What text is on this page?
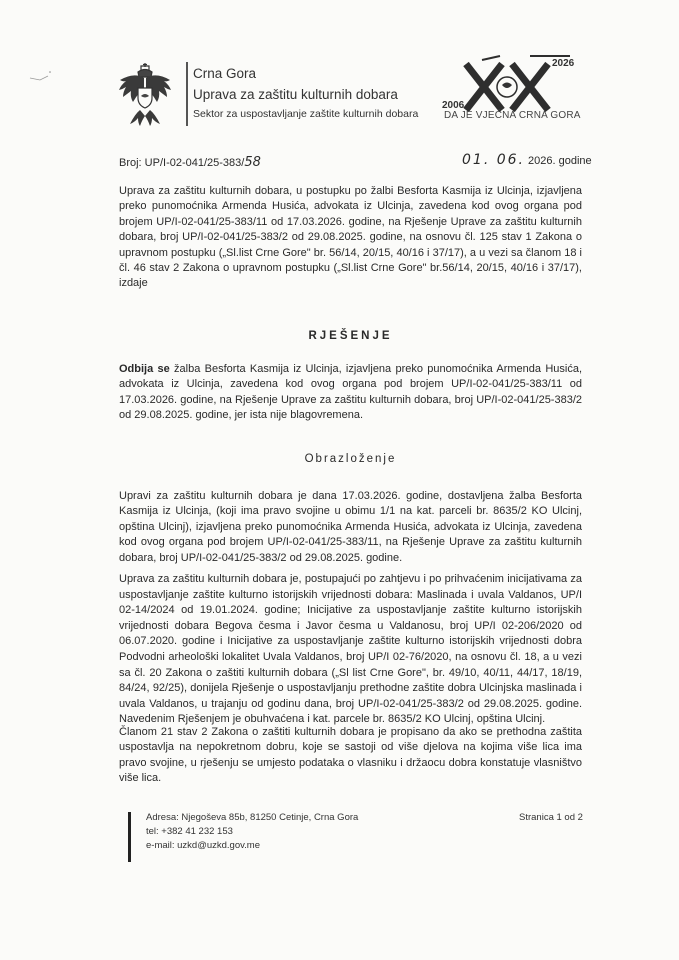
Crna Gora
Uprava za zaštitu kulturnih dobara
Sektor za uspostavljanje zaštite kulturnih dobara
2026
2006
DA JE VJEČNA CRNA GORA
Broj: UP/I-02-041/25-383/58	01. 06. 2026. godine

Uprava za zaštitu kulturnih dobara, u postupku po žalbi Besforta Kasmija iz Ulcinja, izjavljena preko punomoćnika Armenda Husića, advokata iz Ulcinja, zavedena kod ovog organa pod brojem UP/I-02-041/25-383/11 od 17.03.2026. godine, na Rješenje Uprave za zaštitu kulturnih dobara, broj UP/I-02-041/25-383/2 od 29.08.2025. godine, na osnovu čl. 125 stav 1 Zakona o upravnom postupku („Sl.list Crne Gore" br. 56/14, 20/15, 40/16 i 37/17), a u vezi sa članom 18 i čl. 46 stav 2 Zakona o upravnom postupku („Sl.list Crne Gore" br.56/14, 20/15, 40/16 i 37/17), izdaje

RJEŠENJE

Odbija se žalba Besforta Kasmija iz Ulcinja, izjavljena preko punomoćnika Armenda Husića, advokata iz Ulcinja, zavedena kod ovog organa pod brojem UP/I-02-041/25-383/11 od 17.03.2026. godine, na Rješenje Uprave za zaštitu kulturnih dobara, broj UP/I-02-041/25-383/2 od 29.08.2025. godine, jer ista nije blagovremena.

Obrazloženje

Upravi za zaštitu kulturnih dobara je dana 17.03.2026. godine, dostavljena žalba Besforta Kasmija iz Ulcinja, (koji ima pravo svojine u obimu 1/1 na kat. parceli br. 8635/2 KO Ulcinj, opština Ulcinj), izjavljena preko punomoćnika Armenda Husića, advokata iz Ulcinja, zavedena kod ovog organa pod brojem UP/I-02-041/25-383/11, na Rješenje Uprave za zaštitu kulturnih dobara, broj UP/I-02-041/25-383/2 od 29.08.2025. godine.

Uprava za zaštitu kulturnih dobara je, postupajući po zahtjevu i po prihvaćenim inicijativama za uspostavljanje zaštite kulturno istorijskih vrijednosti dobara: Maslinada i uvala Valdanos, UP/I 02-14/2024 od 19.01.2024. godine; Inicijative za uspostavljanje zaštite kulturno istorijskih vrijednosti dobara Begova česma i Javor česma u Valdanosu, broj UP/I 02-206/2020 od 06.07.2020. godine i Inicijative za uspostavljanje zaštite kulturno istorijskih vrijednosti dobra Podvodni arheološki lokalitet Uvala Valdanos, broj UP/I 02-76/2020, na osnovu čl. 18, a u vezi sa čl. 20 Zakona o zaštiti kulturnih dobara („Sl list Crne Gore", br. 49/10, 40/11, 44/17, 18/19, 84/24, 92/25), donijela Rješenje o uspostavljanju prethodne zaštite dobra Ulcinjska maslinada i uvala Valdanos, u trajanju od godinu dana, broj UP/I-02-041/25-383/2 od 29.08.2025. godine. Navedenim Rješenjem je obuhvaćena i kat. parcele br. 8635/2 KO Ulcinj, opština Ulcinj.

Članom 21 stav 2 Zakona o zaštiti kulturnih dobara je propisano da ako se prethodna zaštita uspostavlja na nepokretnom dobru, koje se sastoji od više djelova na kojima više lica ima pravo svojine, u rješenju se umjesto podataka o vlasniku i držaocu dobra konstatuje vlasništvo više lica.

Adresa: Njegoševa 85b, 81250 Cetinje, Crna Gora
tel: +382 41 232 153
e-mail: uzkd@uzkd.gov.me
Stranica 1 od 2
